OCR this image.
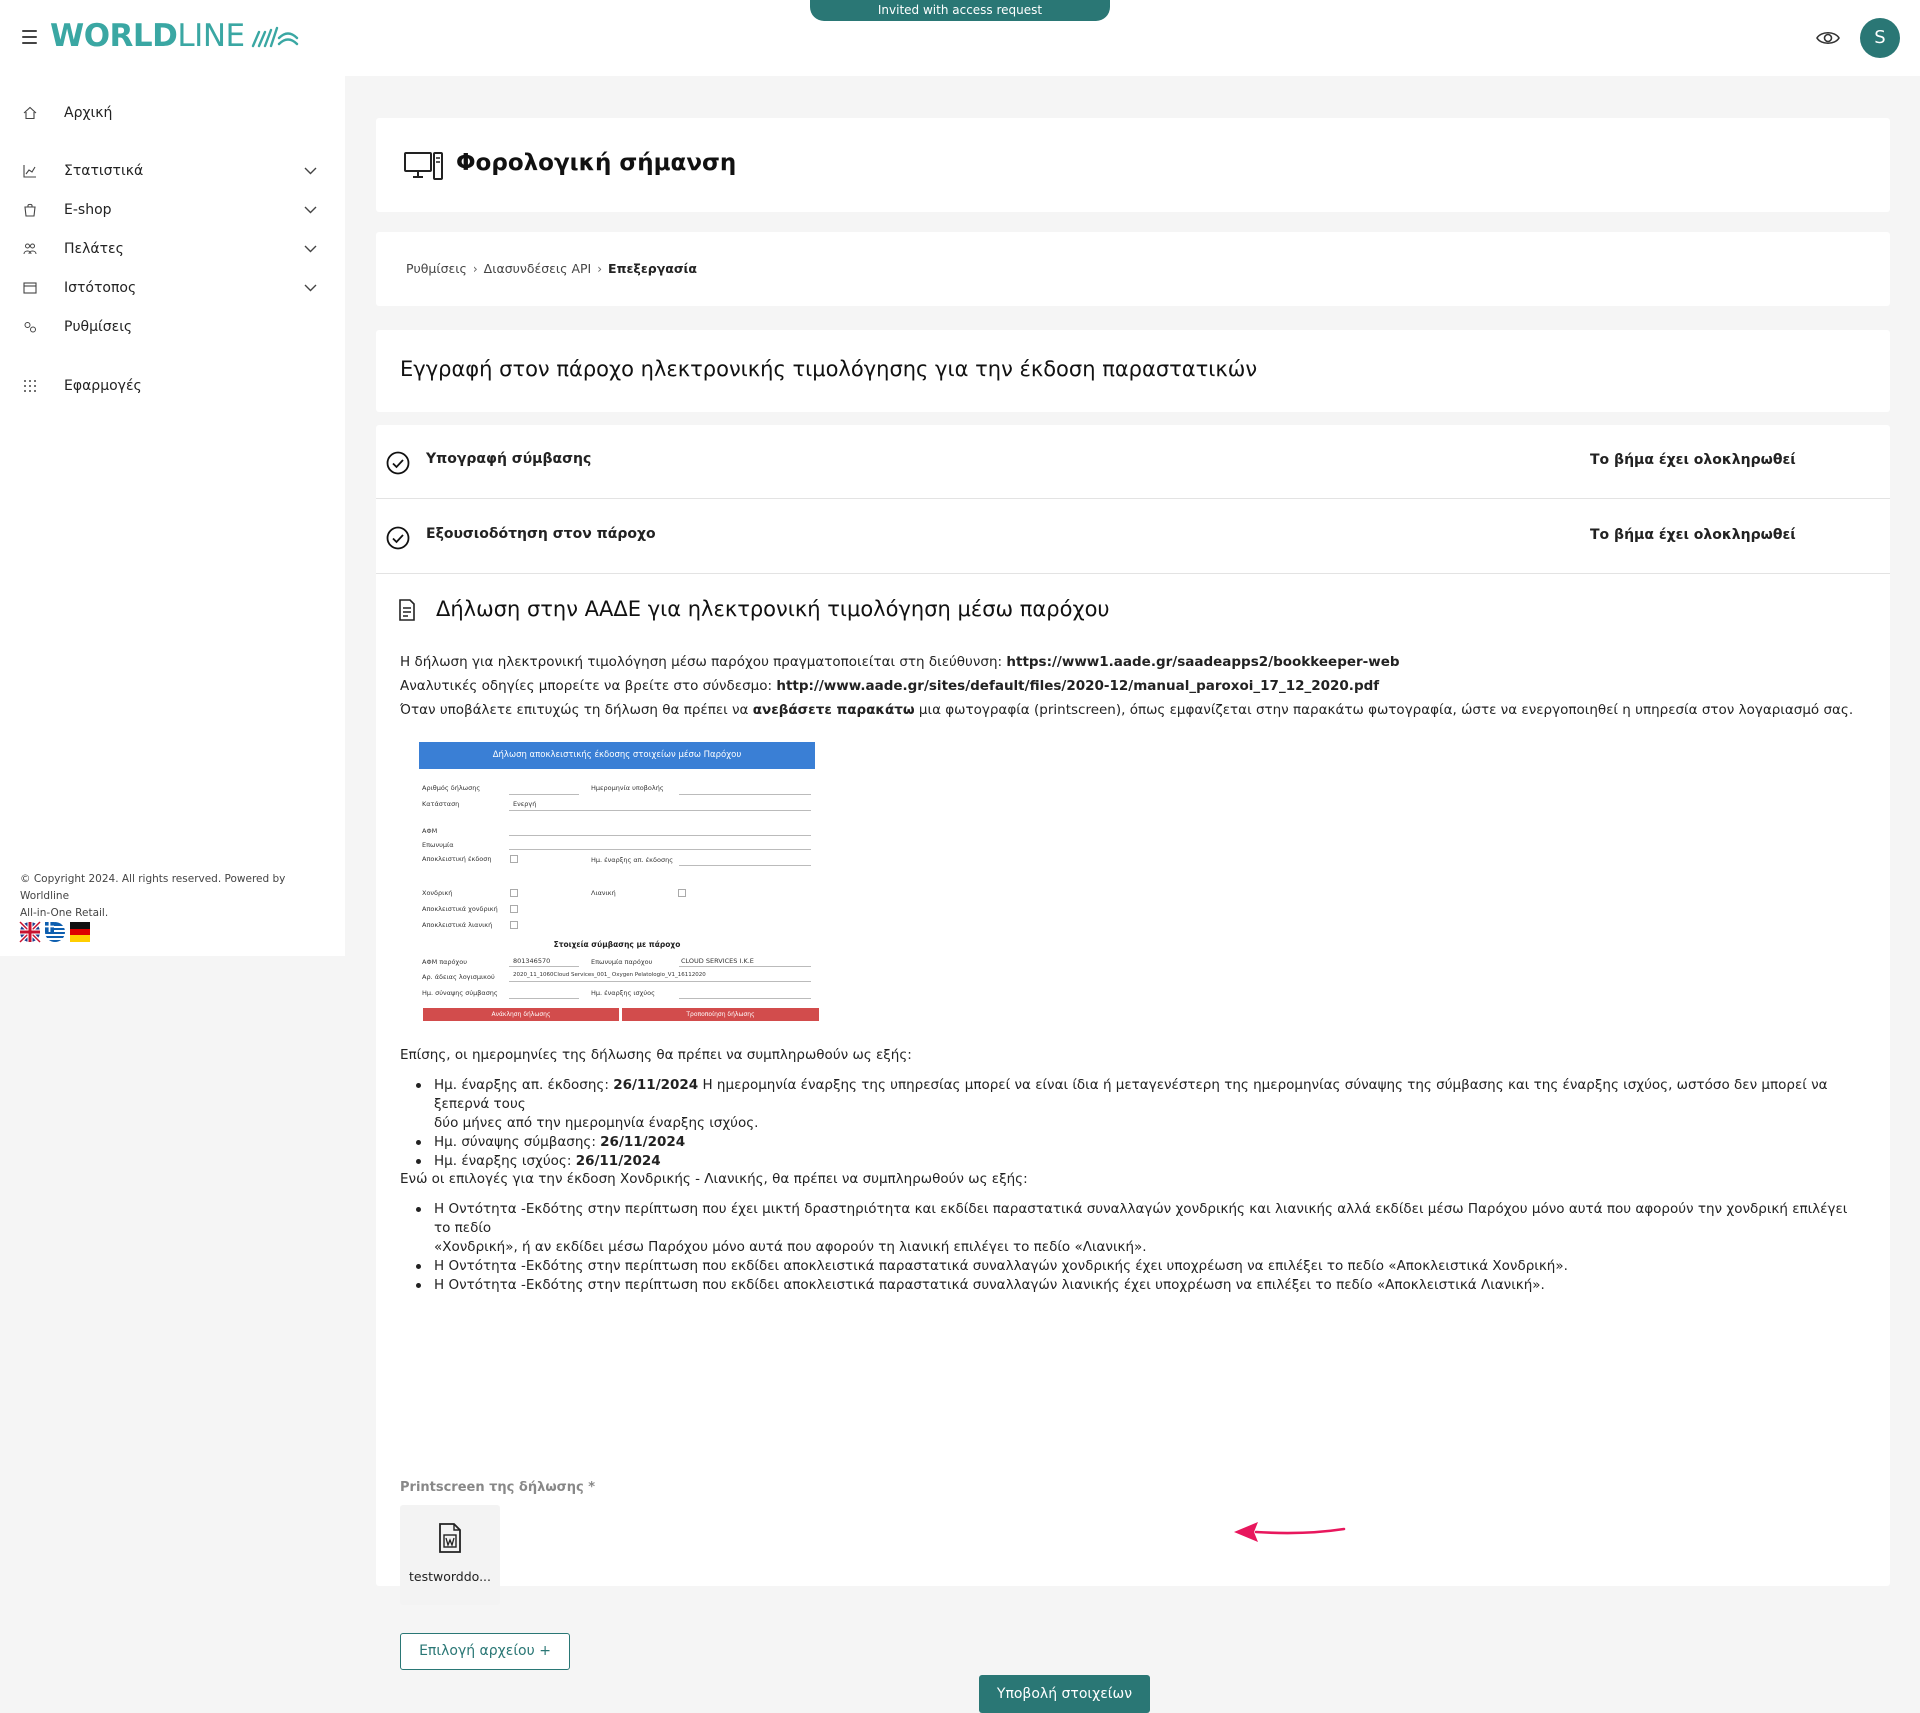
WORLD LINE
Invited with access request
S
Αρχική
Στατιστικά
E-shop
Πελάτες
Ιστότοπος
Ρυθμίσεις
Εφαρμογές
© Copyright 2024. All rights reserved. Powered by Worldline
All-in-One Retail.
Φορολογική σήμανση
Ρυθμίσεις › Διασυνδέσεις API › Επεξεργασία
Εγγραφή στον πάροχο ηλεκτρονικής τιμολόγησης για την έκδοση παραστατικών
Υπογραφή σύμβασης	Το βήμα έχει ολοκληρωθεί
Εξουσιοδότηση στον πάροχο	Το βήμα έχει ολοκληρωθεί
Δήλωση στην ΑΑΔΕ για ηλεκτρονική τιμολόγηση μέσω παρόχου
Η δήλωση για ηλεκτρονική τιμολόγηση μέσω παρόχου πραγματοποιείται στη διεύθυνση: https://www1.aade.gr/saadeapps2/bookkeeper-web
Αναλυτικές οδηγίες μπορείτε να βρείτε στο σύνδεσμο: http://www.aade.gr/sites/default/files/2020-12/manual_paroxoi_17_12_2020.pdf
Όταν υποβάλετε επιτυχώς τη δήλωση θα πρέπει να ανεβάσετε παρακάτω μια φωτογραφία (printscreen), όπως εμφανίζεται στην παρακάτω φωτογραφία, ώστε να ενεργοποιηθεί η υπηρεσία στον λογαριασμό σας.
Δήλωση αποκλειστικής έκδοσης στοιχείων μέσω Παρόχου
Αριθμός δήλωσης	Ημερομηνία υποβολής
Κατάσταση	Ενεργή
ΑΦΜ
Επωνυμία
Αποκλειστική έκδοση	Ημ. έναρξης απ. έκδοσης
Χονδρική	Λιανική
Αποκλειστικά χονδρική
Αποκλειστικά λιανική
Στοιχεία σύμβασης με πάροχο
ΑΦΜ παρόχου	801346570	Επωνυμία παρόχου	CLOUD SERVICES I.K.E
Αρ. άδειας λογισμικού	2020_11_1060Cloud Services_001_ Oxygen Pelatologio_V1_16112020
Ημ. σύναψης σύμβασης	Ημ. έναρξης ισχύος
Ανάκληση δήλωσης	Τροποποίηση δήλωσης
Επίσης, οι ημερομηνίες της δήλωσης θα πρέπει να συμπληρωθούν ως εξής:
Ημ. έναρξης απ. έκδοσης: 26/11/2024 Η ημερομηνία έναρξης της υπηρεσίας μπορεί να είναι ίδια ή μεταγενέστερη της ημερομηνίας σύναψης της σύμβασης και της έναρξης ισχύος, ωστόσο δεν μπορεί να ξεπερνά τους
δύο μήνες από την ημερομηνία έναρξης ισχύος.
Ημ. σύναψης σύμβασης: 26/11/2024
Ημ. έναρξης ισχύος: 26/11/2024
Ενώ οι επιλογές για την έκδοση Χονδρικής - Λιανικής, θα πρέπει να συμπληρωθούν ως εξής:
Η Οντότητα -Εκδότης στην περίπτωση που έχει μικτή δραστηριότητα και εκδίδει παραστατικά συναλλαγών χονδρικής και λιανικής αλλά εκδίδει μέσω Παρόχου μόνο αυτά που αφορούν την χονδρική επιλέγει το πεδίο
«Χονδρική», ή αν εκδίδει μέσω Παρόχου μόνο αυτά που αφορούν τη λιανική επιλέγει το πεδίο «Λιανική».
Η Οντότητα -Εκδότης στην περίπτωση που εκδίδει αποκλειστικά παραστατικά συναλλαγών χονδρικής έχει υποχρέωση να επιλέξει το πεδίο «Αποκλειστικά Χονδρική».
Η Οντότητα -Εκδότης στην περίπτωση που εκδίδει αποκλειστικά παραστατικά συναλλαγών λιανικής έχει υποχρέωση να επιλέξει το πεδίο «Αποκλειστικά Λιανική».
Printscreen της δήλωσης *
testworddo...
Επιλογή αρχείου +
Υποβολή στοιχείων
